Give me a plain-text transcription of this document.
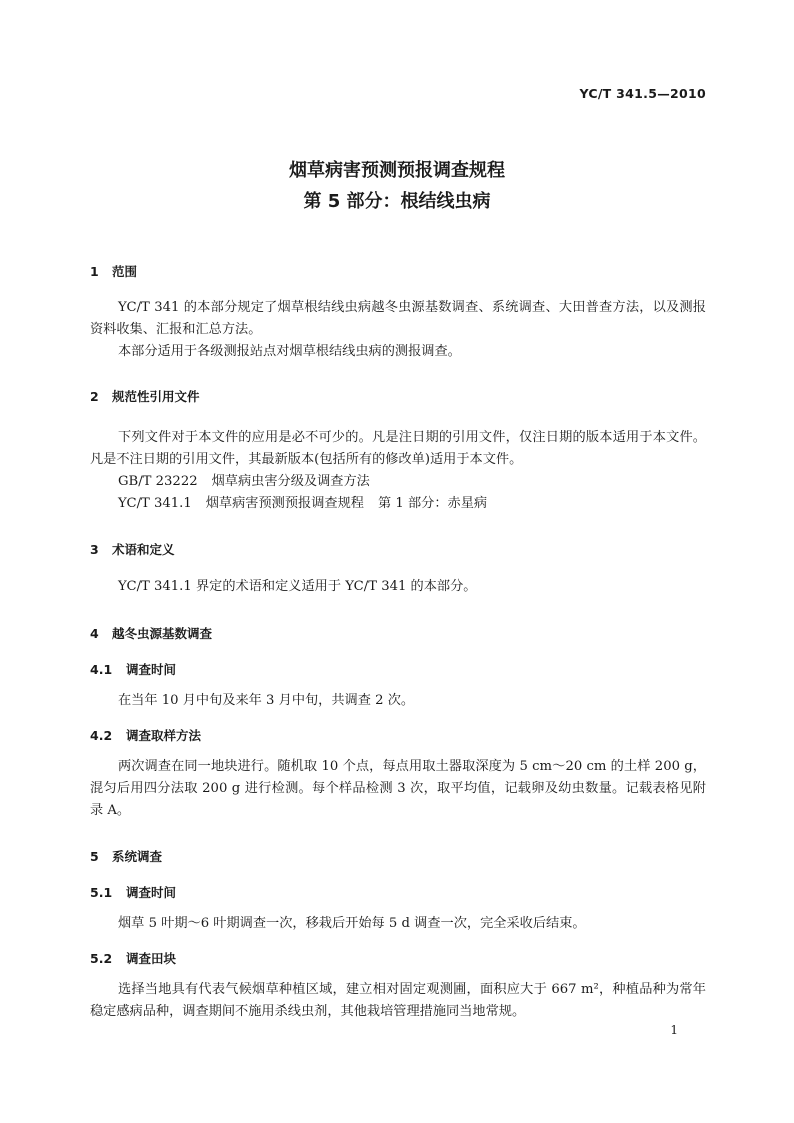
YC/T 341.5—2010
烟草病害预测预报调查规程
第 5 部分：根结线虫病
1 范围
YC/T 341 的本部分规定了烟草根结线虫病越冬虫源基数调查、系统调查、大田普查方法，以及测报资料收集、汇报和汇总方法。
本部分适用于各级测报站点对烟草根结线虫病的测报调查。
2 规范性引用文件
下列文件对于本文件的应用是必不可少的。凡是注日期的引用文件，仅注日期的版本适用于本文件。凡是不注日期的引用文件，其最新版本(包括所有的修改单)适用于本文件。
GB/T 23222 烟草病虫害分级及调查方法
YC/T 341.1 烟草病害预测预报调查规程 第 1 部分：赤星病
3 术语和定义
YC/T 341.1 界定的术语和定义适用于 YC/T 341 的本部分。
4 越冬虫源基数调查
4.1 调查时间
在当年 10 月中旬及来年 3 月中旬，共调查 2 次。
4.2 调查取样方法
两次调查在同一地块进行。随机取 10 个点，每点用取土器取深度为 5 cm～20 cm 的土样 200 g，混匀后用四分法取 200 g 进行检测。每个样品检测 3 次，取平均值，记载卵及幼虫数量。记载表格见附录 A。
5 系统调查
5.1 调查时间
烟草 5 叶期～6 叶期调查一次，移栽后开始每 5 d 调查一次，完全采收后结束。
5.2 调查田块
选择当地具有代表气候烟草种植区域，建立相对固定观测圃，面积应大于 667 m²，种植品种为常年稳定感病品种，调查期间不施用杀线虫剂，其他栽培管理措施同当地常规。
1
